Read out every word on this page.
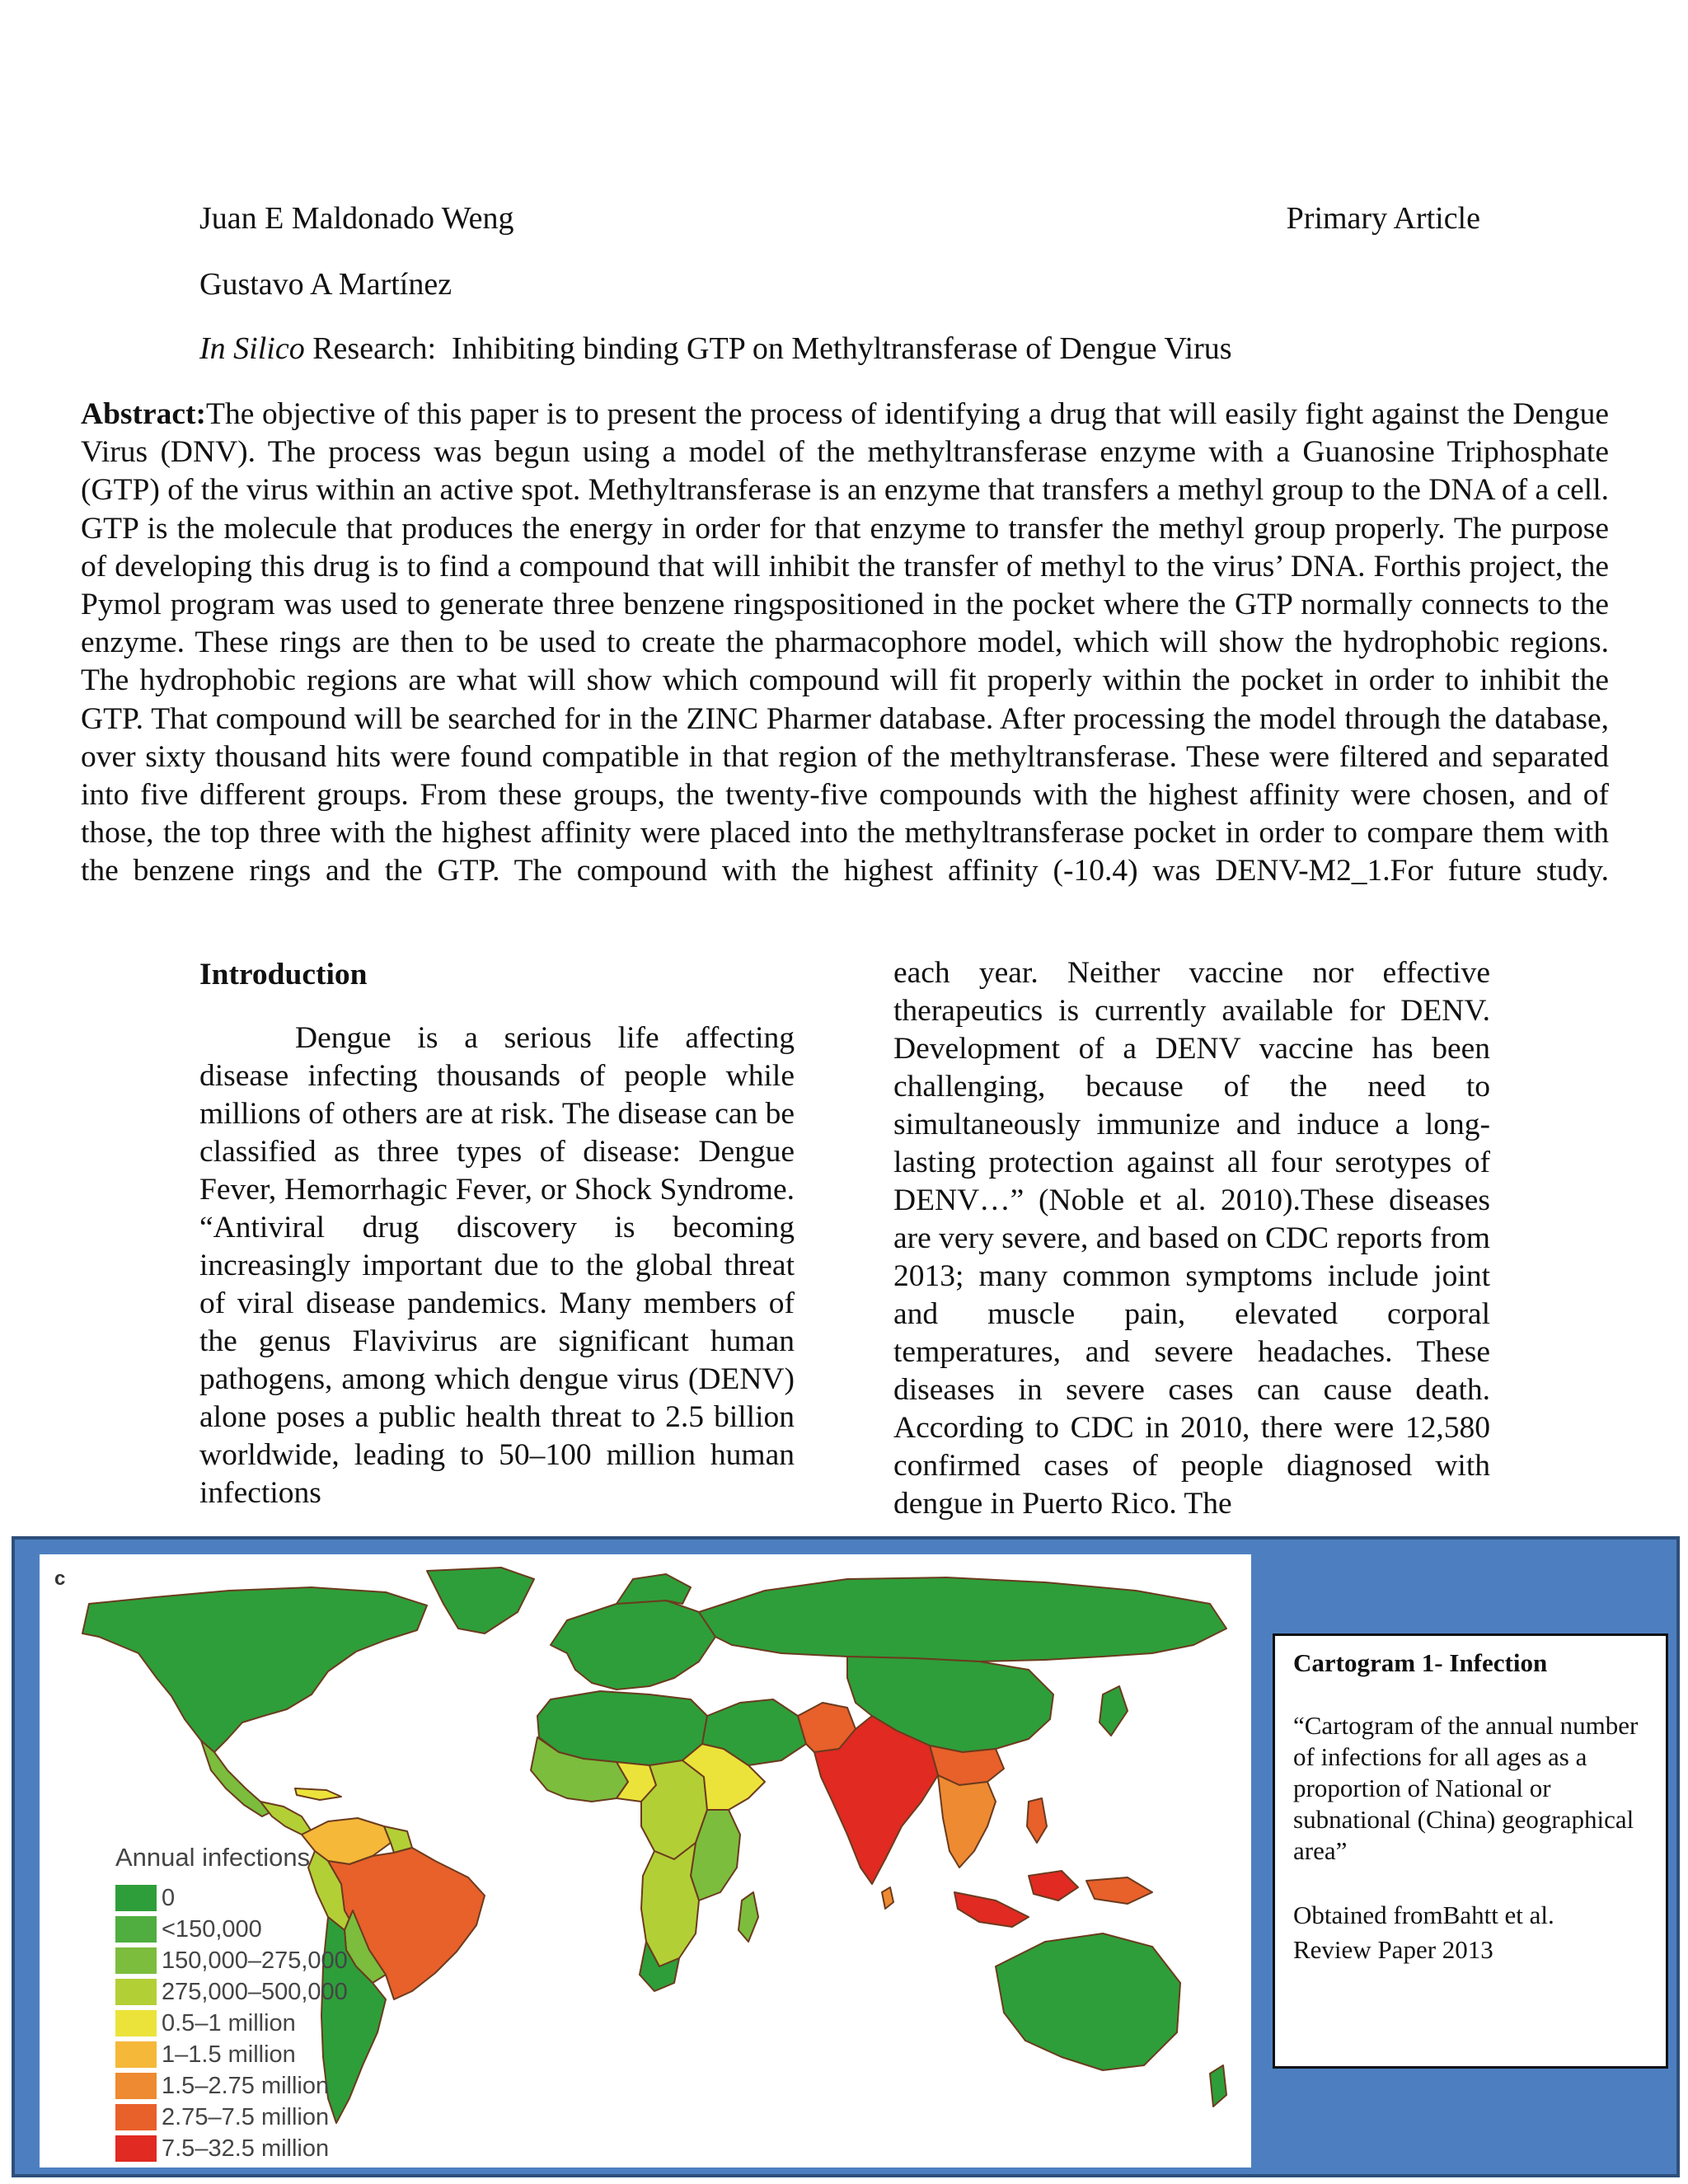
Juan E Maldonado Weng	Primary Article
Gustavo A Martínez
In Silico Research:  Inhibiting binding GTP on Methyltransferase of Dengue Virus

Abstract:The objective of this paper is to present the process of identifying a drug that will easily fight against the Dengue Virus (DNV). The process was begun using a model of the methyltransferase enzyme with a Guanosine Triphosphate (GTP) of the virus within an active spot. Methyltransferase is an enzyme that transfers a methyl group to the DNA of a cell. GTP is the molecule that produces the energy in order for that enzyme to transfer the methyl group properly. The purpose of developing this drug is to find a compound that will inhibit the transfer of methyl to the virus’ DNA. Forthis project, the Pymol program was used to generate three benzene ringspositioned in the pocket where the GTP normally connects to the enzyme. These rings are then to be used to create the pharmacophore model, which will show the hydrophobic regions. The hydrophobic regions are what will show which compound will fit properly within the pocket in order to inhibit the GTP. That compound will be searched for in the ZINC Pharmer database. After processing the model through the database, over sixty thousand hits were found compatible in that region of the methyltransferase. These were filtered and separated into five different groups. From these groups, the twenty-five compounds with the highest affinity were chosen, and of those, the top three with the highest affinity were placed into the methyltransferase pocket in order to compare them with the benzene rings and the GTP. The compound with the highest affinity (-10.4) was DENV-M2_1.For future study.

Introduction
Dengue is a serious life affecting disease infecting thousands of people while millions of others are at risk. The disease can be classified as three types of disease: Dengue Fever, Hemorrhagic Fever, or Shock Syndrome. “Antiviral drug discovery is becoming increasingly important due to the global threat of viral disease pandemics. Many members of the genus Flavivirus are significant human pathogens, among which dengue virus (DENV) alone poses a public health threat to 2.5 billion worldwide, leading to 50–100 million human infections
each year. Neither vaccine nor effective therapeutics is currently available for DENV. Development of a DENV vaccine has been challenging, because of the need to simultaneously immunize and induce a long-lasting protection against all four serotypes of DENV…” (Noble et al. 2010).These diseases are very severe, and based on CDC reports from 2013; many common symptoms include joint and muscle pain, elevated corporal temperatures, and severe headaches. These diseases in severe cases can cause death. According to CDC in 2010, there were 12,580 confirmed cases of people diagnosed with dengue in Puerto Rico. The
c
Annual infections
0
<150,000
150,000–275,000
275,000–500,000
0.5–1 million
1–1.5 million
1.5–2.75 million
2.75–7.5 million
7.5–32.5 million
Cartogram 1- Infection
“Cartogram of the annual number of infections for all ages as a proportion of National or subnational (China) geographical area”
Obtained fromBahtt et al.
Review Paper 2013
